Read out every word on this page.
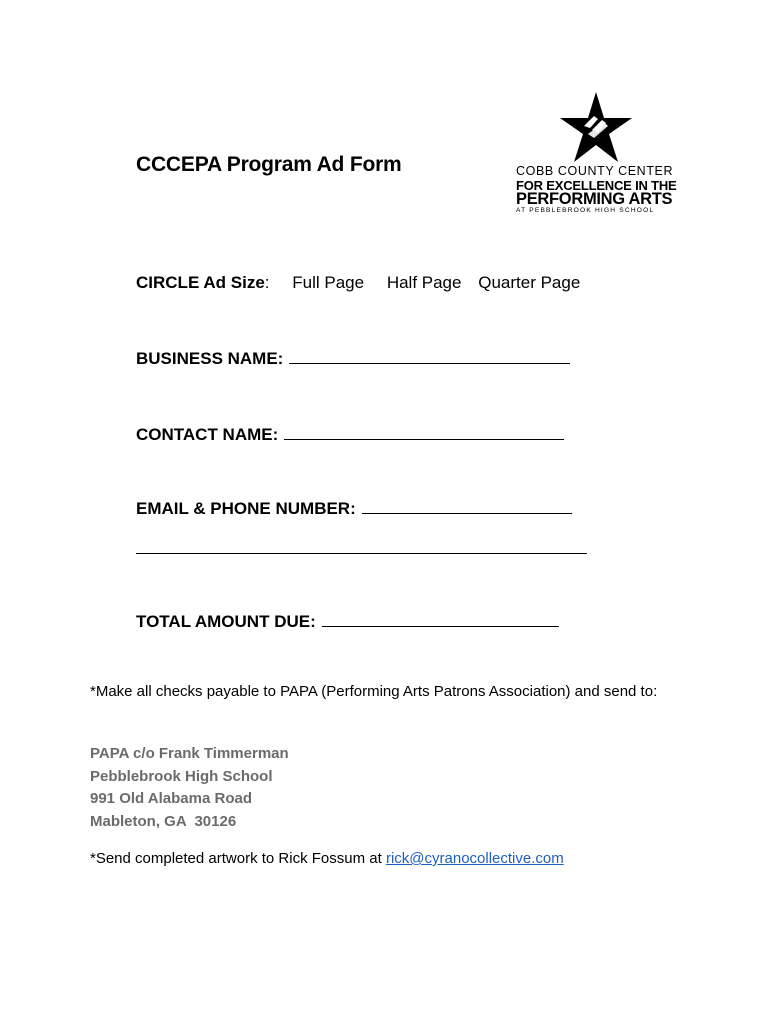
CCCEPA Program Ad Form	COBB COUNTY CENTER
FOR EXCELLENCE IN THE
PERFORMING ARTS
AT PEBBLEBROOK HIGH SCHOOL
CIRCLE Ad Size: Full Page Half Page Quarter Page
BUSINESS NAME:
CONTACT NAME:
EMAIL & PHONE NUMBER:
TOTAL AMOUNT DUE:
*Make all checks payable to PAPA (Performing Arts Patrons Association) and send to:
PAPA c/o Frank Timmerman
Pebblebrook High School
991 Old Alabama Road
Mableton, GA  30126
*Send completed artwork to Rick Fossum at rick@cyranocollective.com
